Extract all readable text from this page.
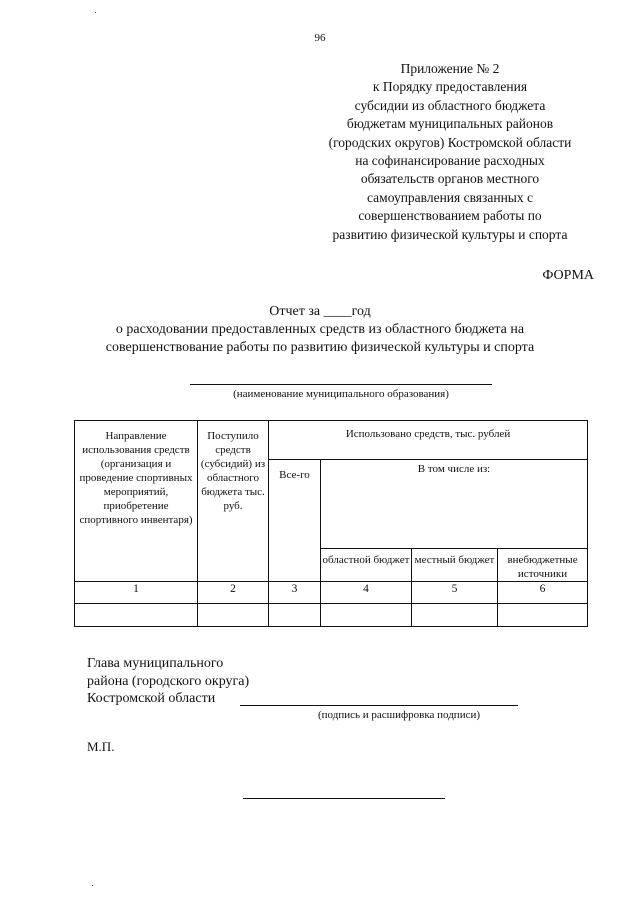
96
Приложение № 2
к Порядку предоставления
субсидии из областного бюджета
бюджетам муниципальных районов
(городских округов) Костромской области
на софинансирование расходных
обязательств органов местного
самоуправления связанных с
совершенствованием работы по
развитию физической культуры и спорта
ФОРМА
Отчет за ____год
о расходовании предоставленных средств из областного бюджета на
совершенствование работы по развитию физической культуры и спорта
(наименование муниципального образования)
Направление использования средств (организация и проведение спортивных мероприятий, приобретение спортивного инвентаря)	Поступило средств (субсидий) из областного бюджета тыс. руб.	Использовано средств, тыс. рублей			
		Все-го	В том числе из:		
			областной бюджет	местный бюджет	внебюджетные источники
1	2	3	4	5	6

Глава муниципального
района (городского округа)
Костромской области
(подпись и расшифровка подписи)
М.П.
